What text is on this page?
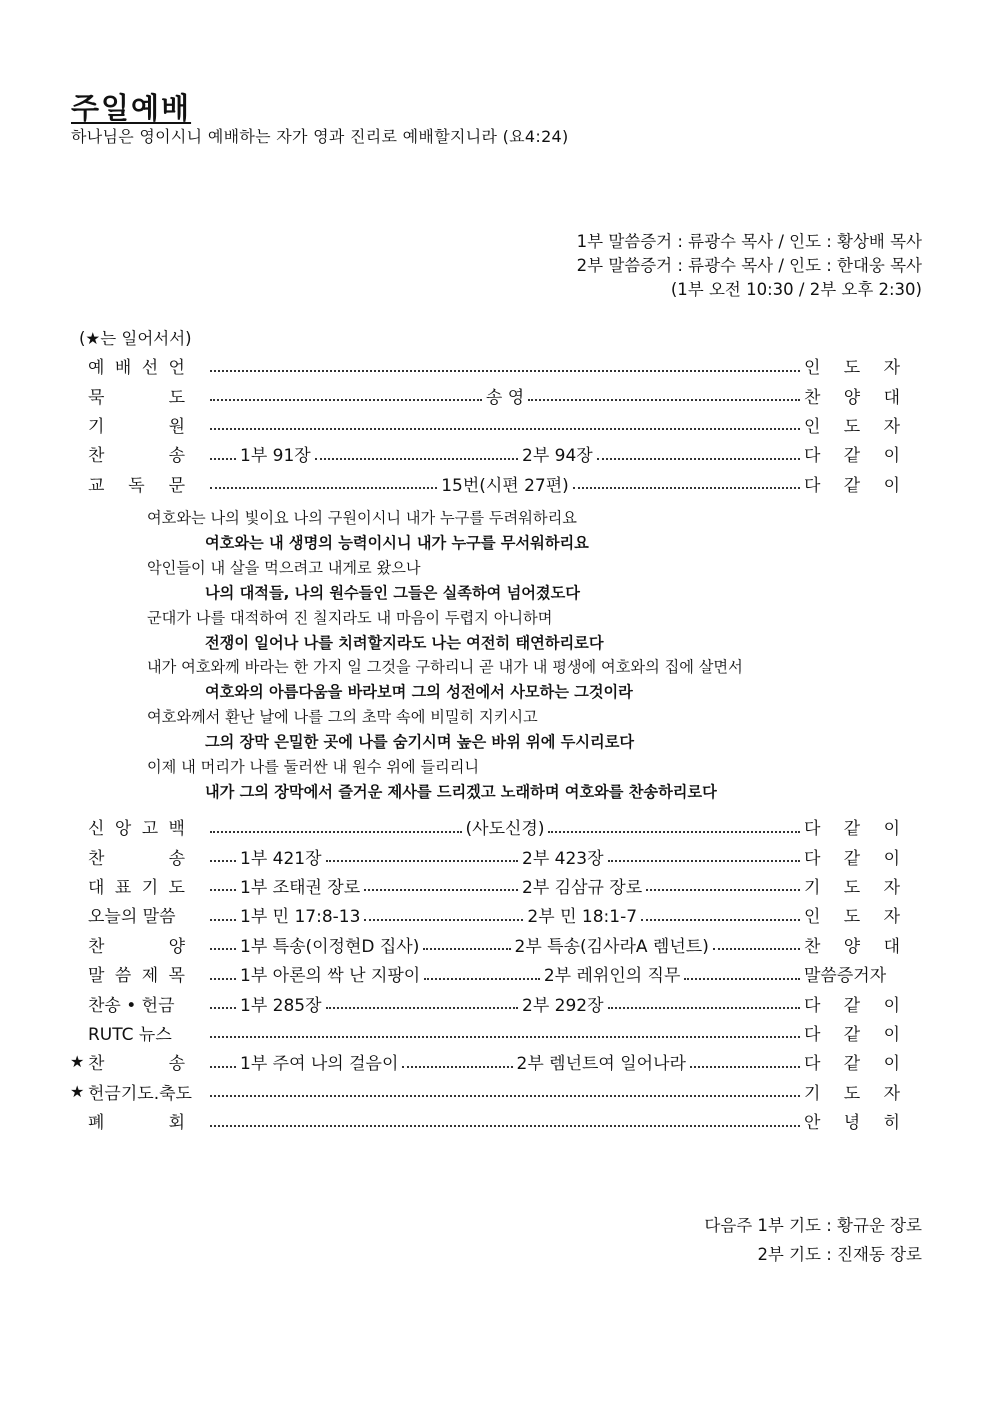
주일예배
하나님은 영이시니 예배하는 자가 영과 진리로 예배할지니라 (요4:24)
1부 말씀증거 : 류광수 목사 / 인도 : 황상배 목사
2부 말씀증거 : 류광수 목사 / 인도 : 한대웅 목사
(1부 오전 10:30 / 2부 오후 2:30)
(★는 일어서서)
예 배 선 언	인 도 자
묵	도	송 영	찬 양 대
기	원	인 도 자
찬	송	1부 91장	2부 94장	다 같 이
교 독 문	15번(시편 27편)	다 같 이
여호와는 나의 빛이요 나의 구원이시니 내가 누구를 두려워하리요
여호와는 내 생명의 능력이시니 내가 누구를 무서워하리요
악인들이 내 살을 먹으려고 내게로 왔으나
나의 대적들, 나의 원수들인 그들은 실족하여 넘어졌도다
군대가 나를 대적하여 진 칠지라도 내 마음이 두렵지 아니하며
전쟁이 일어나 나를 치려할지라도 나는 여전히 태연하리로다
내가 여호와께 바라는 한 가지 일 그것을 구하리니 곧 내가 내 평생에 여호와의 집에 살면서
여호와의 아름다움을 바라보며 그의 성전에서 사모하는 그것이라
여호와께서 환난 날에 나를 그의 초막 속에 비밀히 지키시고
그의 장막 은밀한 곳에 나를 숨기시며 높은 바위 위에 두시리로다
이제 내 머리가 나를 둘러싼 내 원수 위에 들리리니
내가 그의 장막에서 즐거운 제사를 드리겠고 노래하며 여호와를 찬송하리로다
신 앙 고 백	(사도신경)	다 같 이
찬	송	1부 421장	2부 423장	다 같 이
대 표 기 도	1부 조태권 장로	2부 김삼규 장로	기 도 자
오늘의 말씀	1부 민 17:8-13	2부 민 18:1-7	인 도 자
찬	양	1부 특송(이정현D 집사)	2부 특송(김사라A 렘넌트)	찬 양 대
말 씀 제 목	1부 아론의 싹 난 지팡이	2부 레위인의 직무	말씀증거자
찬송 • 헌금	1부 285장	2부 292장	다 같 이
RUTC 뉴스	다 같 이
★ 찬	송	1부 주여 나의 걸음이	2부 렘넌트여 일어나라	다 같 이
★ 헌금기도.축도	기 도 자
폐	회	안 녕 히
다음주 1부 기도 : 황규운 장로
2부 기도 : 진재동 장로
